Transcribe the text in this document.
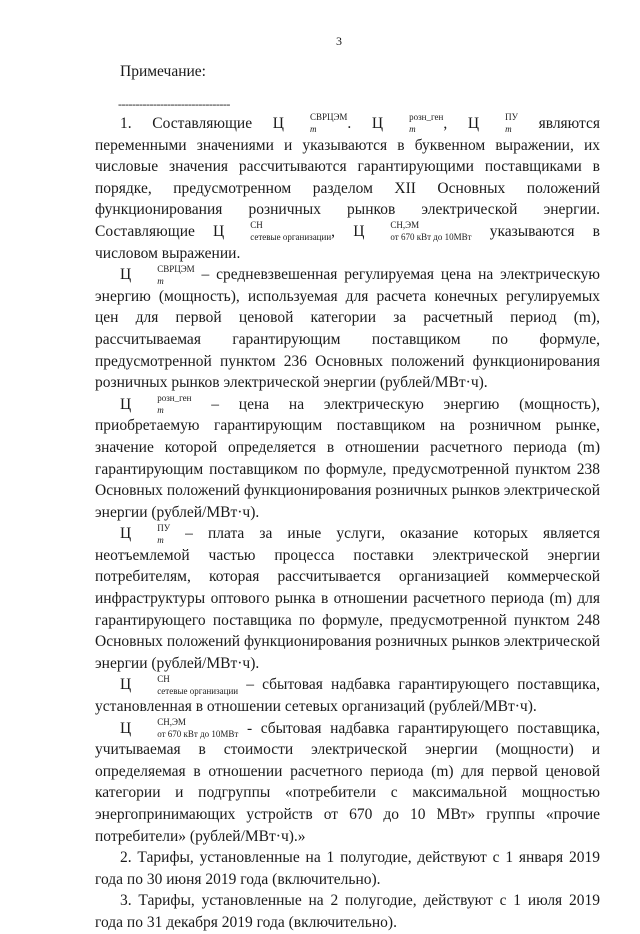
3
Примечание:
--------------------------------

1. Составляющие Ц	СВРЦЭМ
m	. Ц	розн_ген
m	, Ц	ПУ
m	являются переменными значениями и указываются в буквенном выражении, их числовые значения рассчитываются гарантирующими поставщиками в порядке, предусмотренном разделом XII Основных положений функционирования розничных рынков электрической энергии. Составляющие Ц	СН
сетевые организации , Ц	СН,ЭМ
от 670 кВт до 10МВт указываются в числовом выражении.

Ц	СВРЦЭМ
m	– средневзвешенная регулируемая цена на электрическую энергию (мощность), используемая для расчета конечных регулируемых цен для первой ценовой категории за расчетный период (m), рассчитываемая гарантирующим поставщиком по формуле, предусмотренной пунктом 236 Основных положений функционирования розничных рынков электрической энергии (рублей/МВт·ч).

Ц	розн_ген
m	– цена на электрическую энергию (мощность), приобретаемую гарантирующим поставщиком на розничном рынке, значение которой определяется в отношении расчетного периода (m) гарантирующим поставщиком по формуле, предусмотренной пунктом 238 Основных положений функционирования розничных рынков электрической энергии (рублей/МВт·ч).

Ц	ПУ
m	– плата за иные услуги, оказание которых является неотъемлемой частью процесса поставки электрической энергии потребителям, которая рассчитывается организацией коммерческой инфраструктуры оптового рынка в отношении расчетного периода (m) для гарантирующего поставщика по формуле, предусмотренной пунктом 248 Основных положений функционирования розничных рынков электрической энергии (рублей/МВт·ч).

Ц	СН
сетевые организации – сбытовая надбавка гарантирующего поставщика, установленная в отношении сетевых организаций (рублей/МВт·ч).

Ц	СН,ЭМ
от 670 кВт до 10МВт - сбытовая надбавка гарантирующего поставщика, учитываемая в стоимости электрической энергии (мощности) и определяемая в отношении расчетного периода (m) для первой ценовой категории и подгруппы «потребители с максимальной мощностью энергопринимающих устройств от 670 до 10 МВт» группы «прочие потребители» (рублей/МВт·ч).»

2. Тарифы, установленные на 1 полугодие, действуют с 1 января 2019 года по 30 июня 2019 года (включительно).

3. Тарифы, установленные на 2 полугодие, действуют с 1 июля 2019 года по 31 декабря 2019 года (включительно).
